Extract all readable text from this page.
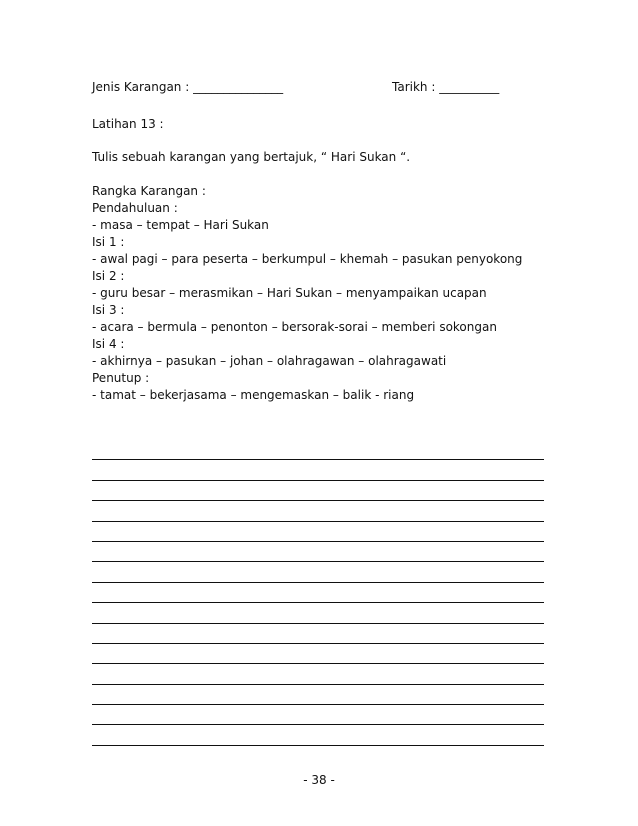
Jenis Karangan : _______________	Tarikh : __________
Latihan 13 :
Tulis sebuah karangan yang bertajuk, “ Hari Sukan “.
Rangka Karangan :
Pendahuluan :
- masa – tempat – Hari Sukan
Isi 1 :
- awal pagi – para peserta – berkumpul – khemah – pasukan penyokong
Isi 2 :
- guru besar – merasmikan – Hari Sukan – menyampaikan ucapan
Isi 3 :
- acara – bermula – penonton – bersorak-sorai – memberi sokongan
Isi 4 :
- akhirnya – pasukan – johan – olahragawan – olahragawati
Penutup :
- tamat – bekerjasama – mengemaskan – balik - riang
- 38 -
